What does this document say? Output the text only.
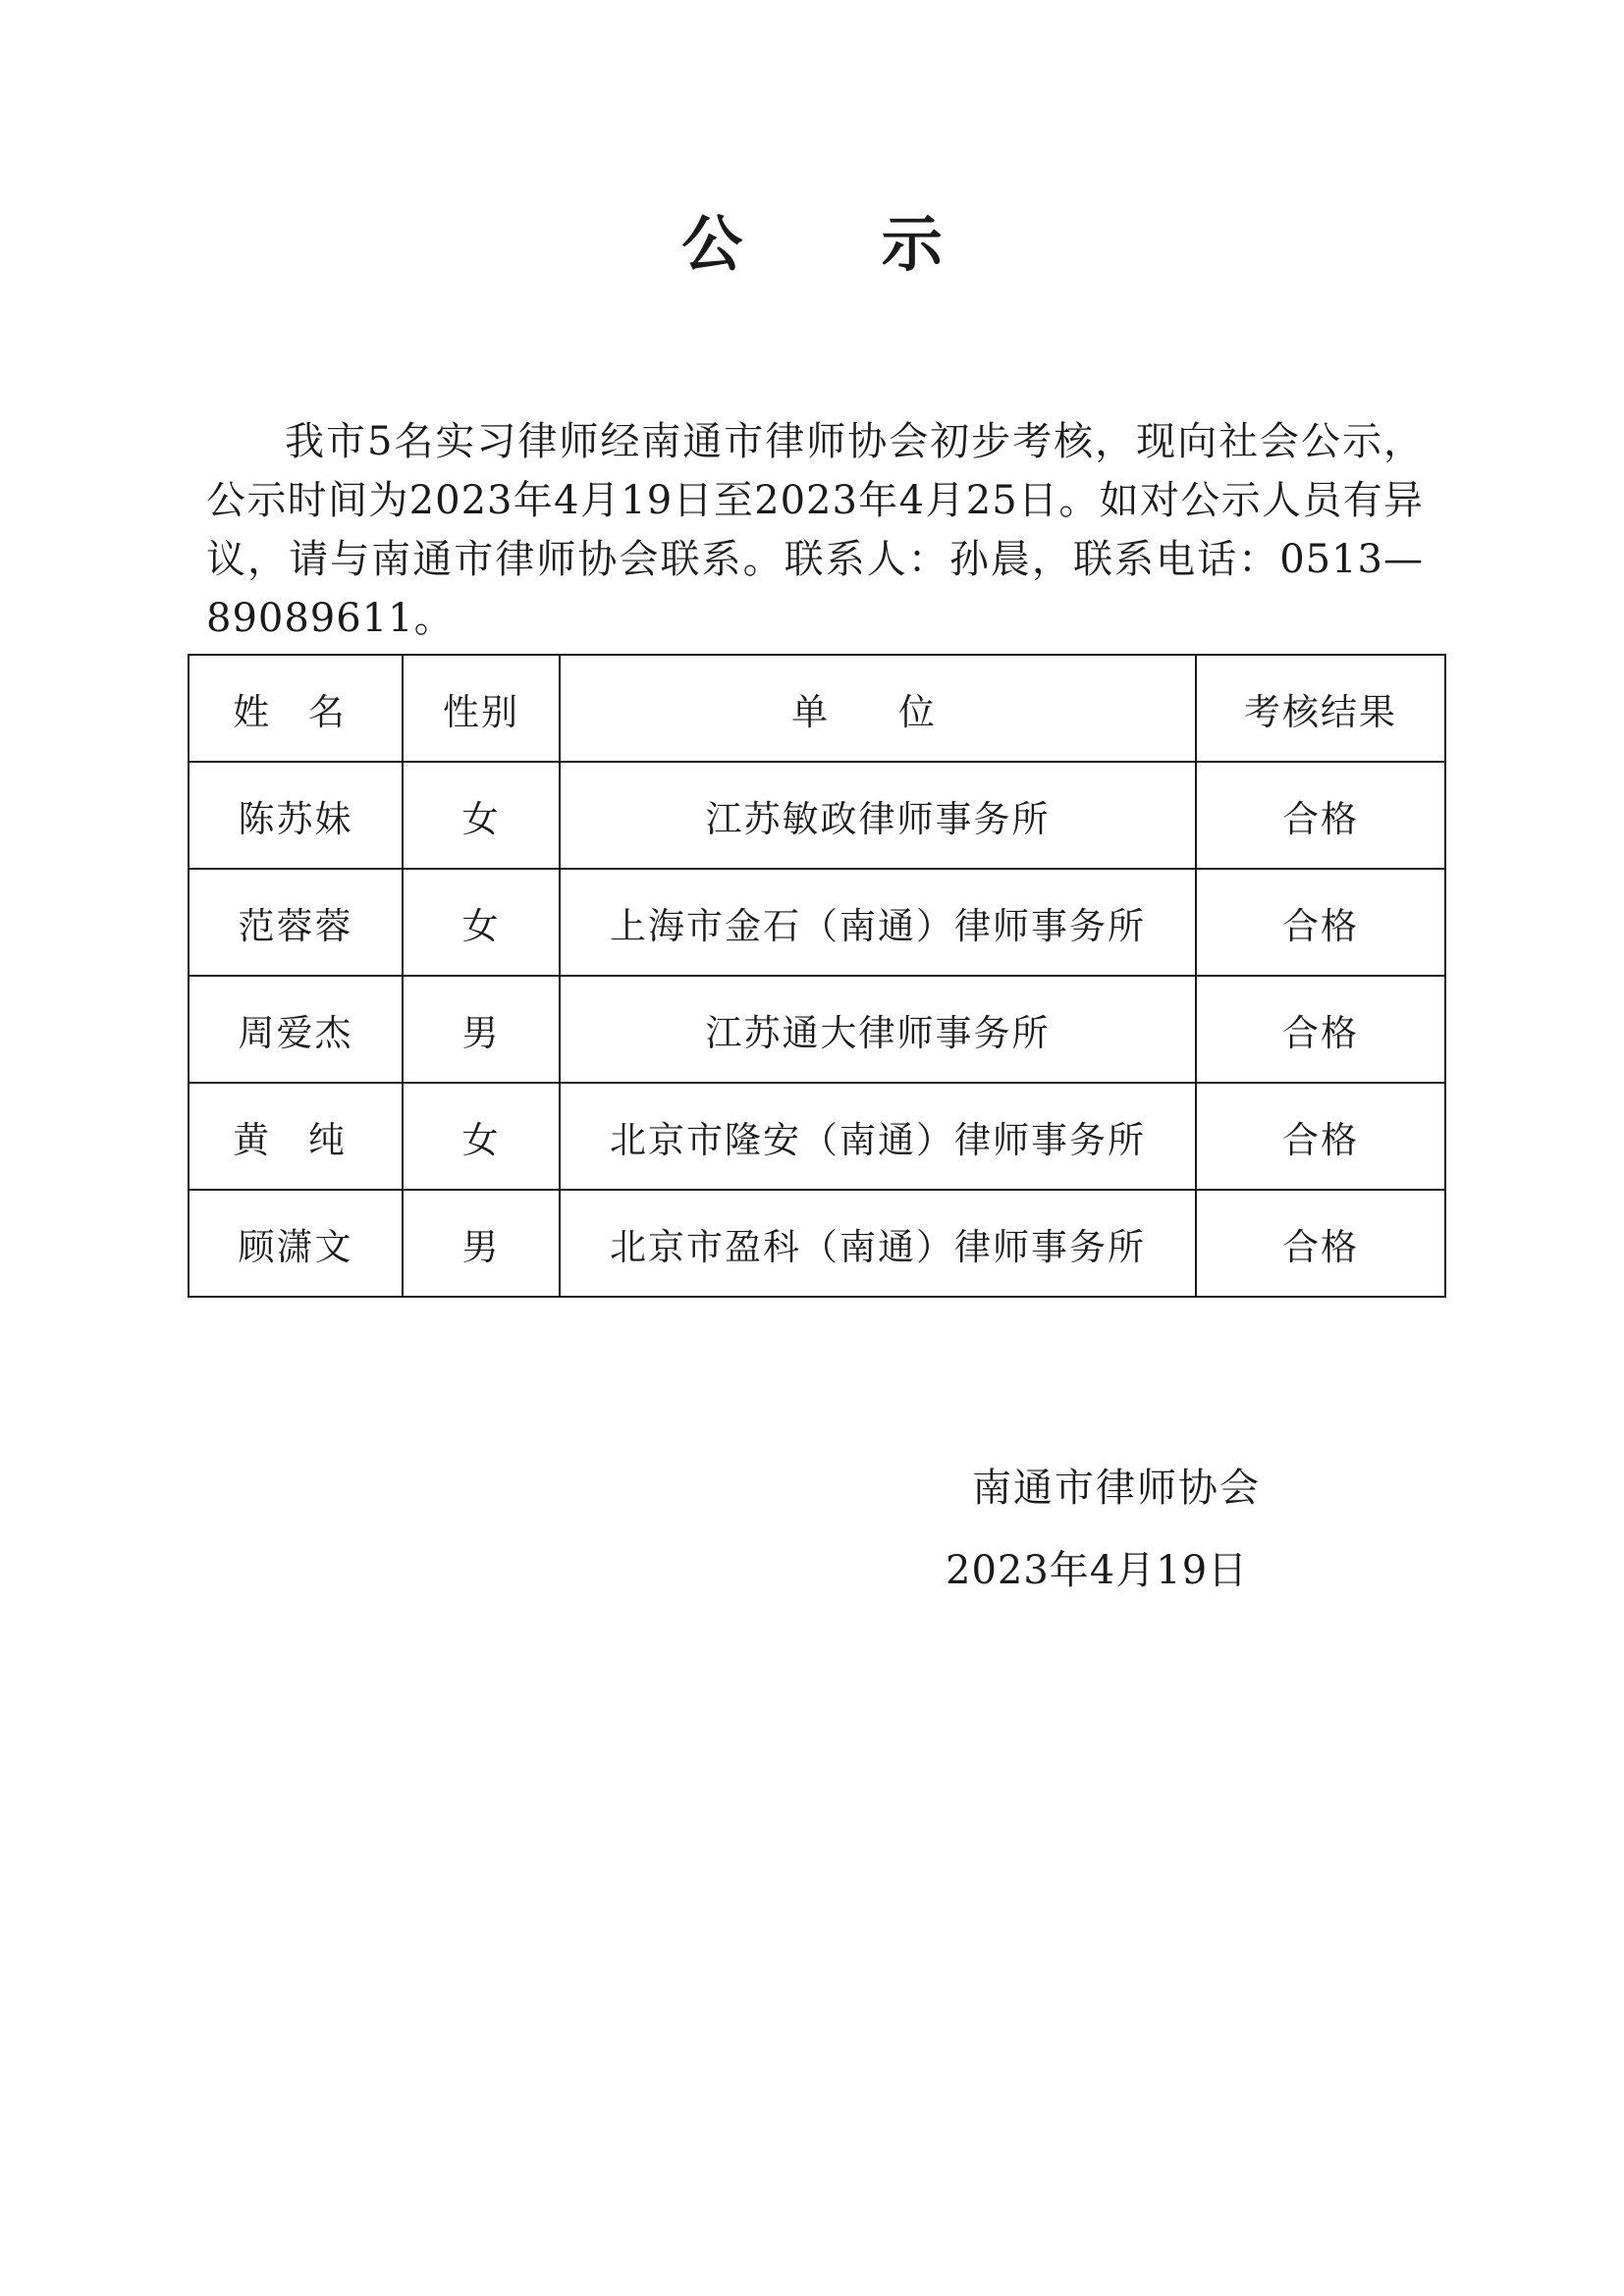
公 示

我市5名实习律师经南通市律师协会初步考核，现向社会公示，公示时间为2023年4月19日至2023年4月25日。如对公示人员有异议，请与南通市律师协会联系。联系人：孙晨，联系电话：0513—89089611。

姓 名	性别	单 位	考核结果
陈苏妹	女	江苏敏政律师事务所	合格
范蓉蓉	女	上海市金石（南通）律师事务所	合格
周爱杰	男	江苏通大律师事务所	合格
黄 纯	女	北京市隆安（南通）律师事务所	合格
顾潇文	男	北京市盈科（南通）律师事务所	合格
南通市律师协会
2023年4月19日
